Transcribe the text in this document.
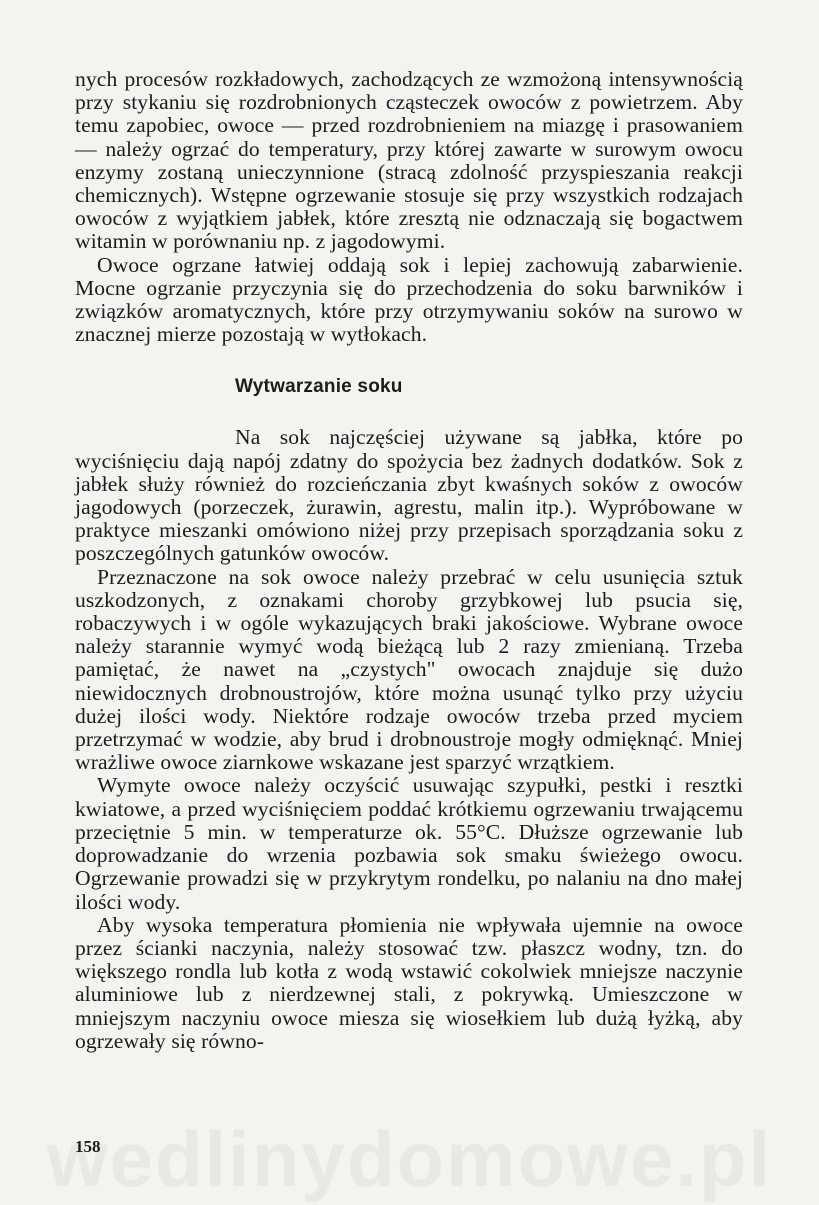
nych procesów rozkładowych, zachodzących ze wzmożoną intensywnością przy stykaniu się rozdrobnionych cząsteczek owoców z powietrzem. Aby temu zapobiec, owoce — przed rozdrobnieniem na miazgę i prasowaniem — należy ogrzać do temperatury, przy której zawarte w surowym owocu enzymy zostaną unieczynnione (stracą zdolność przyspieszania reakcji chemicznych). Wstępne ogrzewanie stosuje się przy wszystkich rodzajach owoców z wyjątkiem jabłek, które zresztą nie odznaczają się bogactwem witamin w porównaniu np. z jagodowymi.

Owoce ogrzane łatwiej oddają sok i lepiej zachowują zabarwienie. Mocne ogrzanie przyczynia się do przechodzenia do soku barwników i związków aromatycznych, które przy otrzymywaniu soków na surowo w znacznej mierze pozostają w wytłokach.

Wytwarzanie soku

Na sok najczęściej używane są jabłka, które po wyciśnięciu dają napój zdatny do spożycia bez żadnych dodatków. Sok z jabłek służy również do rozcieńczania zbyt kwaśnych soków z owoców jagodowych (porzeczek, żurawin, agrestu, malin itp.). Wypróbowane w praktyce mieszanki omówiono niżej przy przepisach sporządzania soku z poszczególnych gatunków owoców.

Przeznaczone na sok owoce należy przebrać w celu usunięcia sztuk uszkodzonych, z oznakami choroby grzybkowej lub psucia się, robaczywych i w ogóle wykazujących braki jakościowe. Wybrane owoce należy starannie wymyć wodą bieżącą lub 2 razy zmienianą. Trzeba pamiętać, że nawet na „czystych" owocach znajduje się dużo niewidocznych drobnoustrojów, które można usunąć tylko przy użyciu dużej ilości wody. Niektóre rodzaje owoców trzeba przed myciem przetrzymać w wodzie, aby brud i drobnoustroje mogły odmięknąć. Mniej wrażliwe owoce ziarnkowe wskazane jest sparzyć wrzątkiem.

Wymyte owoce należy oczyścić usuwając szypułki, pestki i resztki kwiatowe, a przed wyciśnięciem poddać krótkiemu ogrzewaniu trwającemu przeciętnie 5 min. w temperaturze ok. 55°C. Dłuższe ogrzewanie lub doprowadzanie do wrzenia pozbawia sok smaku świeżego owocu. Ogrzewanie prowadzi się w przykrytym rondelku, po nalaniu na dno małej ilości wody.

Aby wysoka temperatura płomienia nie wpływała ujemnie na owoce przez ścianki naczynia, należy stosować tzw. płaszcz wodny, tzn. do większego rondla lub kotła z wodą wstawić cokolwiek mniejsze naczynie aluminiowe lub z nierdzewnej stali, z pokrywką. Umieszczone w mniejszym naczyniu owoce miesza się wiosełkiem lub dużą łyżką, aby ogrzewały się równo-

158
